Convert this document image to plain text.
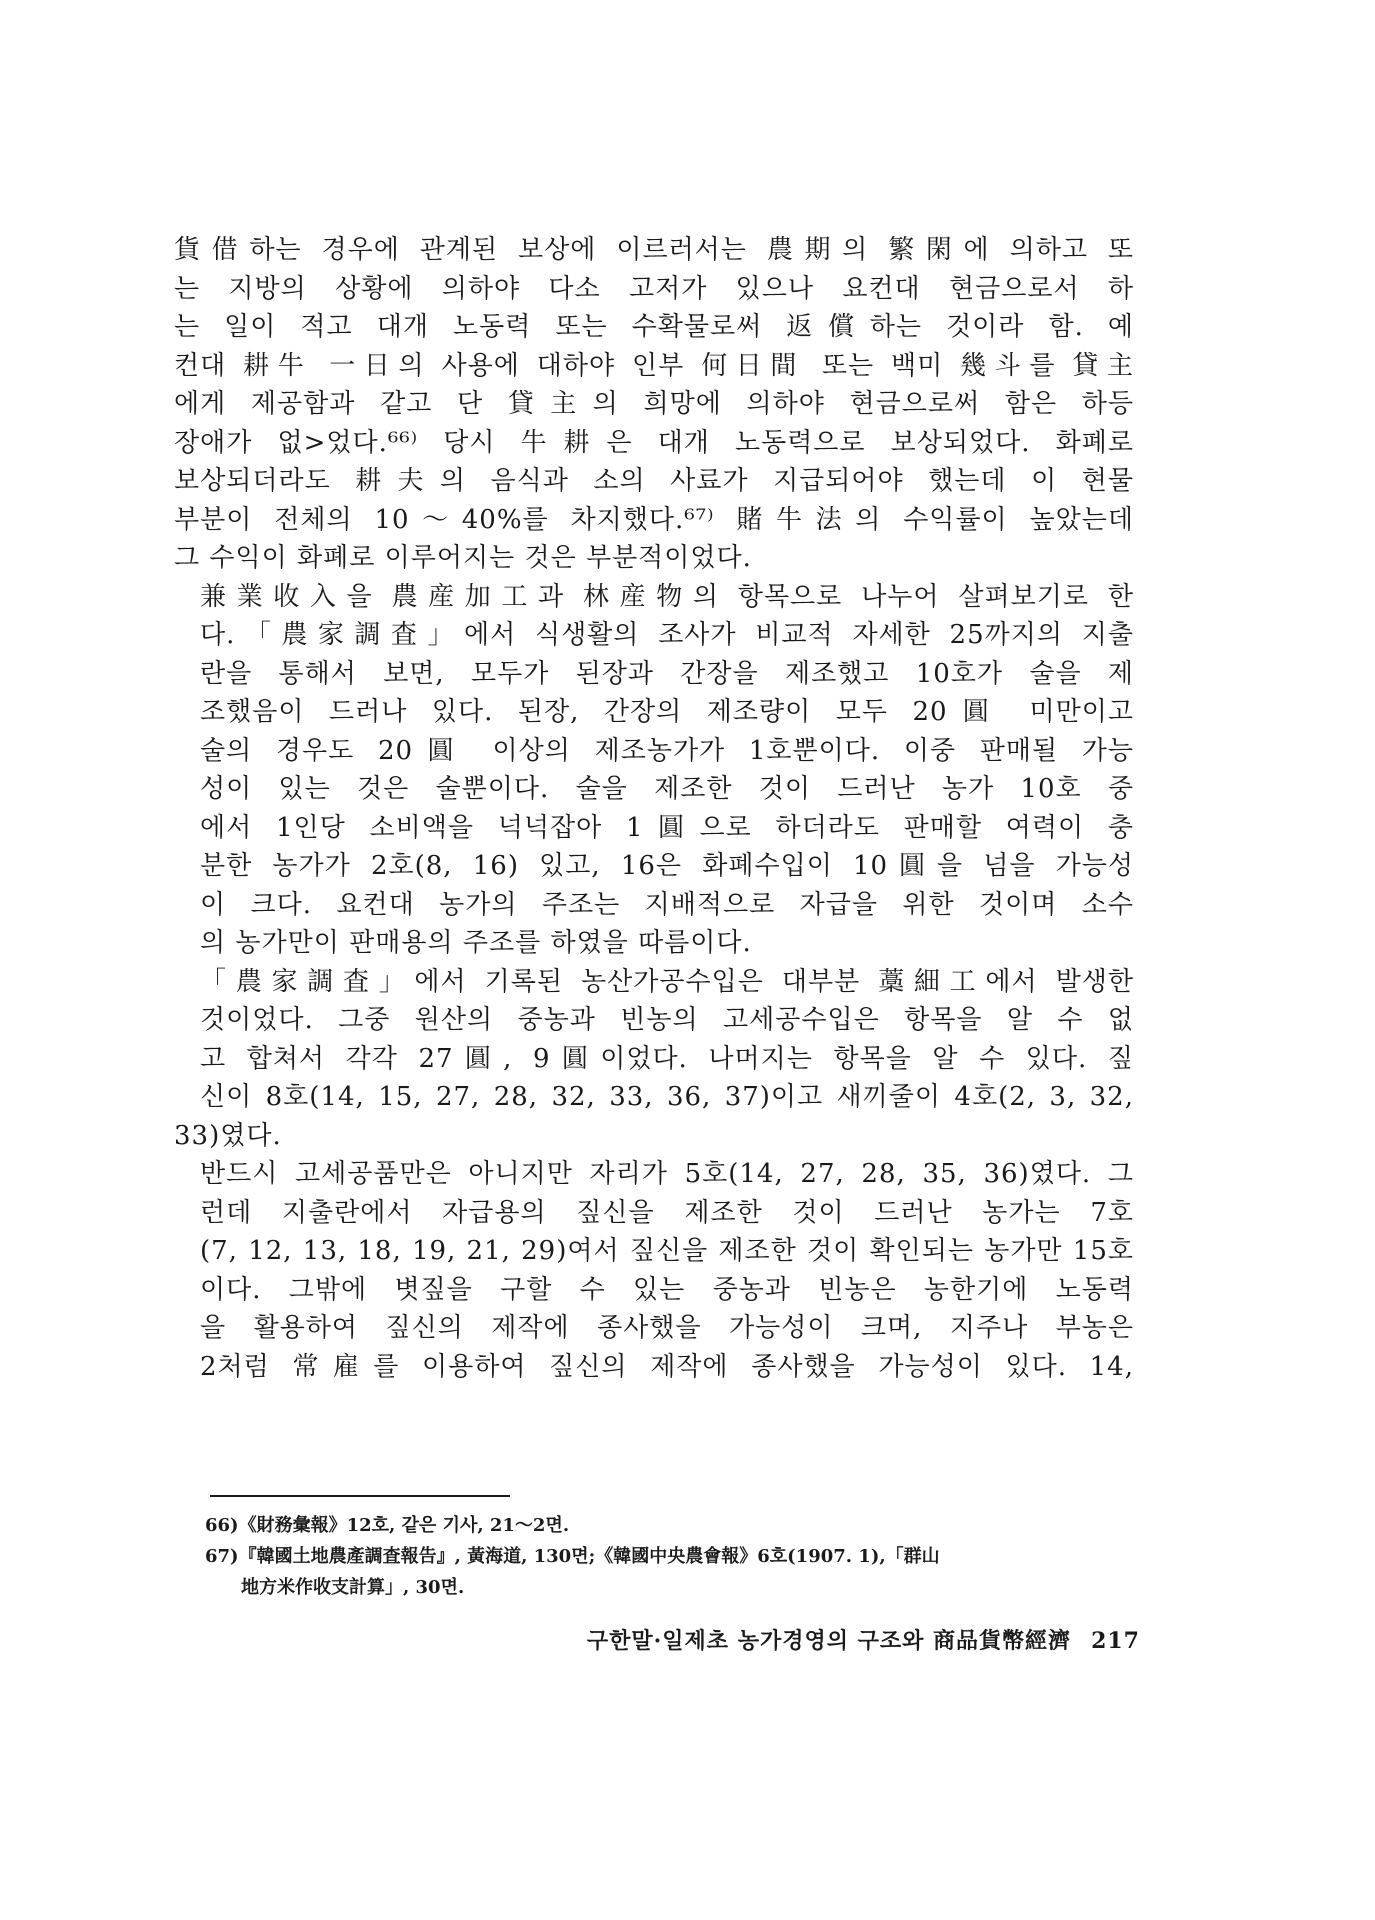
貨借하는 경우에 관계된 보상에 이르러서는 農期의 繁閑에 의하고 또
는 지방의 상황에 의하야 다소 고저가 있으나 요컨대 현금으로서 하
는 일이 적고 대개 노동력 또는 수확물로써 返償하는 것이라 함. 예
컨대 耕牛 一日의 사용에 대하야 인부 何日間 또는 백미 幾斗를 貸主
에게 제공함과 같고 단 貸主의 희망에 의하야 현금으로써 함은 하등
장애가 없>었다.⁶⁶⁾ 당시 牛耕은 대개 노동력으로 보상되었다. 화폐로
보상되더라도 耕夫의 음식과 소의 사료가 지급되어야 했는데 이 현물
부분이 전체의 10～40%를 차지했다.⁶⁷⁾ 賭牛法의 수익률이 높았는데
그 수익이 화폐로 이루어지는 것은 부분적이었다.

兼業收入을 農産加工과 林産物의 항목으로 나누어 살펴보기로 한
다.「農家調査」에서 식생활의 조사가 비교적 자세한 25까지의 지출
란을 통해서 보면, 모두가 된장과 간장을 제조했고 10호가 술을 제
조했음이 드러나 있다. 된장, 간장의 제조량이 모두 20圓 미만이고
술의 경우도 20圓 이상의 제조농가가 1호뿐이다. 이중 판매될 가능
성이 있는 것은 술뿐이다. 술을 제조한 것이 드러난 농가 10호 중
에서 1인당 소비액을 넉넉잡아 1圓으로 하더라도 판매할 여력이 충
분한 농가가 2호(8, 16) 있고, 16은 화폐수입이 10圓을 넘을 가능성
이 크다. 요컨대 농가의 주조는 지배적으로 자급을 위한 것이며 소수
의 농가만이 판매용의 주조를 하였을 따름이다.

「農家調査」에서 기록된 농산가공수입은 대부분 藁細工에서 발생한
것이었다. 그중 원산의 중농과 빈농의 고세공수입은 항목을 알 수 없
고 합쳐서 각각 27圓, 9圓이었다. 나머지는 항목을 알 수 있다. 짚
신이 8호(14, 15, 27, 28, 32, 33, 36, 37)이고 새끼줄이 4호(2, 3, 32, 33)였다.
반드시 고세공품만은 아니지만 자리가 5호(14, 27, 28, 35, 36)였다. 그
런데 지출란에서 자급용의 짚신을 제조한 것이 드러난 농가는 7호
(7, 12, 13, 18, 19, 21, 29)여서 짚신을 제조한 것이 확인되는 농가만 15호
이다. 그밖에 볏짚을 구할 수 있는 중농과 빈농은 농한기에 노동력
을 활용하여 짚신의 제작에 종사했을 가능성이 크며, 지주나 부농은
2처럼 常雇를 이용하여 짚신의 제작에 종사했을 가능성이 있다. 14,

66)《財務彙報》12호, 같은 기사, 21～2면.

67)『韓國土地農產調査報告』, 黃海道, 130면;《韓國中央農會報》6호(1907. 1),「群山

地方米作收支計算」, 30면.

구한말·일제초 농가경영의 구조와 商品貨幣經濟 217
